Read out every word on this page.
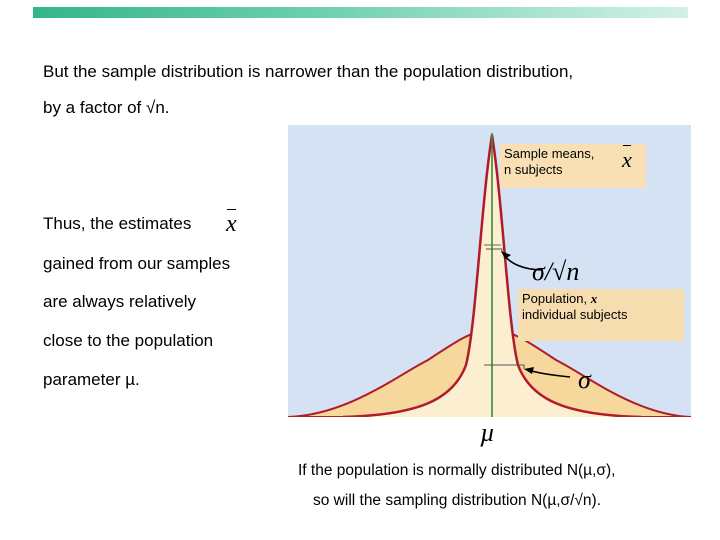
But the sample distribution is narrower than the population distribution,
by a factor of √n.
Thus, the estimates x
gained from our samples
are always relatively
close to the population
parameter µ.
Sample means,
n subjects	x
Population, x
individual subjects
σ/√n
σ
µ
If the population is normally distributed N(µ,σ),
so will the sampling distribution N(µ,σ/√n).
